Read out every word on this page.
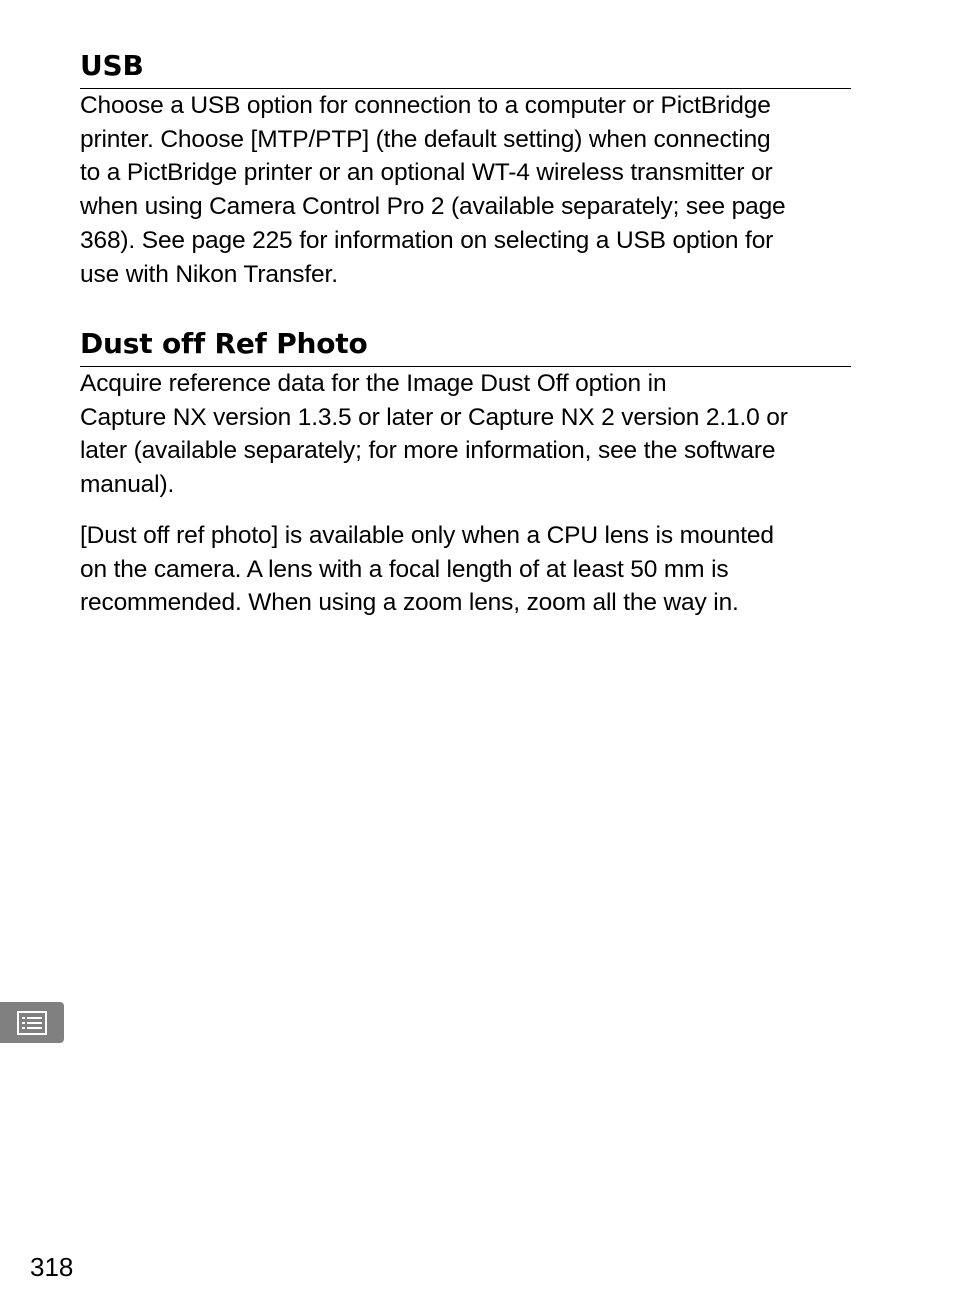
USB

Choose a USB option for connection to a computer or PictBridge
printer. Choose [MTP/PTP] (the default setting) when connecting
to a PictBridge printer or an optional WT-4 wireless transmitter or
when using Camera Control Pro 2 (available separately; see page
368). See page 225 for information on selecting a USB option for
use with Nikon Transfer.

Dust off Ref Photo

Acquire reference data for the Image Dust Off option in
Capture NX version 1.3.5 or later or Capture NX 2 version 2.1.0 or
later (available separately; for more information, see the software
manual).

[Dust off ref photo] is available only when a CPU lens is mounted
on the camera. A lens with a focal length of at least 50 mm is
recommended. When using a zoom lens, zoom all the way in.

318
